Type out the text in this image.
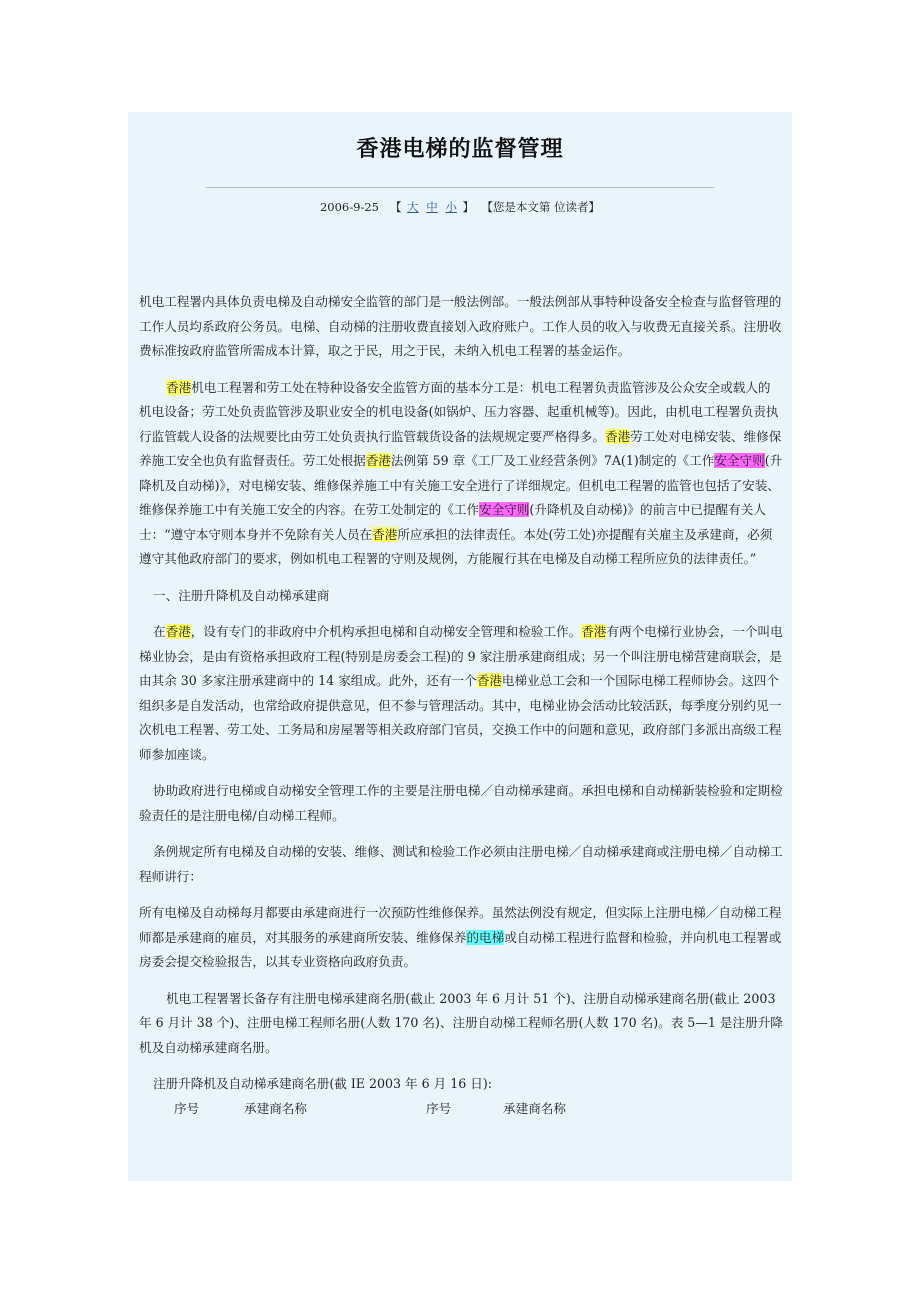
香港电梯的监督管理
2006-9-25 【 大 中 小 】 【您是本文第 位读者】

机电工程署内具体负责电梯及自动梯安全监管的部门是一般法例部。一般法例部从事特种设备安全检查与监督管理的工作人员均系政府公务员。电梯、自动梯的注册收费直接划入政府账户。工作人员的收入与收费无直接关系。注册收费标准按政府监管所需成本计算，取之于民，用之于民，未纳入机电工程署的基金运作。

香港机电工程署和劳工处在特种设备安全监管方面的基本分工是：机电工程署负责监管涉及公众安全或载人的机电设备；劳工处负责监管涉及职业安全的机电设备(如锅炉、压力容器、起重机械等)。因此，由机电工程署负责执行监管载人设备的法规要比由劳工处负责执行监管载货设备的法规规定要严格得多。香港劳工处对电梯安装、维修保养施工安全也负有监督责任。劳工处根据香港法例第 59 章《工厂及工业经营条例》7A(1)制定的《工作安全守则(升降机及自动梯)》，对电梯安装、维修保养施工中有关施工安全进行了详细规定。但机电工程署的监管也包括了安装、维修保养施工中有关施工安全的内容。在劳工处制定的《工作安全守则(升降机及自动梯)》的前言中已提醒有关人士：“遵守本守则本身并不免除有关人员在香港所应承担的法律责任。本处(劳工处)亦提醒有关雇主及承建商，必须遵守其他政府部门的要求，例如机电工程署的守则及规例，方能履行其在电梯及自动梯工程所应负的法律责任。”

一、注册升降机及自动梯承建商

在香港，设有专门的非政府中介机构承担电梯和自动梯安全管理和检验工作。香港有两个电梯行业协会，一个叫电梯业协会，是由有资格承担政府工程(特别是房委会工程)的 9 家注册承建商组成；另一个叫注册电梯营建商联会，是由其余 30 多家注册承建商中的 14 家组成。此外，还有一个香港电梯业总工会和一个国际电梯工程师协会。这四个组织多是自发活动，也常给政府提供意见，但不参与管理活动。其中，电梯业协会活动比较活跃，每季度分别约见一次机电工程署、劳工处、工务局和房屋署等相关政府部门官员，交换工作中的问题和意见，政府部门多派出高级工程师参加座谈。

协助政府进行电梯或自动梯安全管理工作的主要是注册电梯／自动梯承建商。承担电梯和自动梯新装检验和定期检验责任的是注册电梯/自动梯工程师。

条例规定所有电梯及自动梯的安装、维修、测试和检验工作必须由注册电梯／自动梯承建商或注册电梯／自动梯工程师讲行：

所有电梯及自动梯每月都要由承建商进行一次预防性维修保养。虽然法例没有规定，但实际上注册电梯／自动梯工程师都是承建商的雇员，对其服务的承建商所安装、维修保养的电梯或自动梯工程进行监督和检验，并向机电工程署或房委会提交检验报告，以其专业资格向政府负责。

机电工程署署长备存有注册电梯承建商名册(截止 2003 年 6 月计 51 个)、注册自动梯承建商名册(截止 2003 年 6 月计 38 个)、注册电梯工程师名册(人数 170 名)、注册自动梯工程师名册(人数 170 名)。表 5—1 是注册升降机及自动梯承建商名册。

注册升降机及自动梯承建商名册(截 IE 2003 年 6 月 16 日):

序号	承建商名称	序号	承建商名称
